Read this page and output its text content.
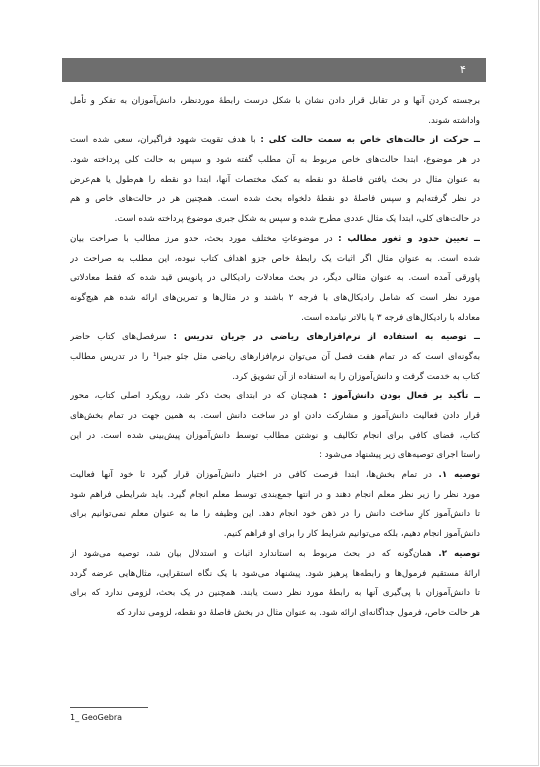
۴
برجسته کردن آنها و در تقابل قرار دادن نشان با شکل درست رابطهٔ موردنظر، دانش‌آموزان به تفکر و تأمل
واداشته شوند.
ــ حرکت از حالت‌های خاص به سمت حالت کلی : با هدف تقویت شهود فراگیران، سعی شده است
در هر موضوع، ابتدا حالت‌های خاص مربوط به آن مطلب گفته شود و سپس به حالت کلی پرداخته شود.
به عنوان مثال در بحث یافتن فاصلهٔ دو نقطه به کمک مختصات آنها، ابتدا دو نقطه را هم‌طول یا هم‌عرض
در نظر گرفته‌ایم و سپس فاصلهٔ دو نقطهٔ دلخواه بحث شده است. همچنین هر در حالت‌های خاص و هم
در حالت‌های کلی، ابتدا یک مثال عددی مطرح شده و سپس به شکل جبری موضوع پرداخته شده است.
ــ تعیین حدود و ثغور مطالب : در موضوعاتِ مختلف مورد بحث، حدو مرز مطالب با صراحت بیان
شده است. به عنوان مثال اگر اثبات یک رابطهٔ خاص جزو اهداف کتاب نبوده، این مطلب به صراحت در
پاورقی آمده است. به عنوان مثالی دیگر، در بحث معادلات رادیکالی در پانویس قید شده که فقط معادلاتی
مورد نظر است که شامل رادیکال‌های با فرجه ۲ باشند و در مثال‌ها و تمرین‌های ارائه شده هم هیچ‌گونه
معادله با رادیکال‌های فرجه ۳ یا بالاتر نیامده است.
ــ توصیه به استفاده از نرم‌افزارهای ریاضی در جریان تدریس : سرفصل‌های کتاب حاضر
به‌گونه‌ای است که در تمام هفت فصل آن می‌توان نرم‌افزارهای ریاضی مثل جئو جبرا¹ را در تدریس مطالب
کتاب به خدمت گرفت و دانش‌آموزان را به استفاده از آن تشویق کرد.
ــ تأکید بر فعال بودن دانش‌آموز : همچنان که در ابتدای بحث ذکر شد، رویکرد اصلی کتاب، محور
قرار دادن فعالیت دانش‌آموز و مشارکت دادن او در ساخت دانش است. به همین جهت در تمام بخش‌های
کتاب، فضای کافی برای انجام تکالیف و نوشتن مطالب توسط دانش‌آموزان پیش‌بینی شده است. در این
راستا اجرای توصیه‌های زیر پیشنهاد می‌شود :
توصیه ۱. در تمام بخش‌ها، ابتدا فرصت کافی در اختیار دانش‌آموزان قرار گیرد تا خود آنها فعالیت
مورد نظر را زیر نظر معلم انجام دهند و در انتها جمع‌بندی توسط معلم انجام گیرد. باید شرایطی فراهم شود
تا دانش‌آموز کارِ ساخت دانش را در ذهن خود انجام دهد. این وظیفه را ما به عنوان معلم نمی‌توانیم برای
دانش‌آموز انجام دهیم، بلکه می‌توانیم شرایط کار را برای او فراهم کنیم.
توصیه ۲. همان‌گونه که در بحث مربوط به استاندارد اثبات و استدلال بیان شد، توصیه می‌شود از
ارائهٔ مستقیم فرمول‌ها و رابطه‌ها پرهیز شود. پیشنهاد می‌شود با یک نگاه استقرایی، مثال‌هایی عرضه گردد
تا دانش‌آموزان با پی‌گیری آنها به رابطهٔ مورد نظر دست یابند. همچنین در یک بحث، لزومی ندارد که برای
هر حالت خاص، فرمول جداگانه‌ای ارائه شود. به عنوان مثال در بخش فاصلهٔ دو نقطه، لزومی ندارد که
1_ GeoGebra
